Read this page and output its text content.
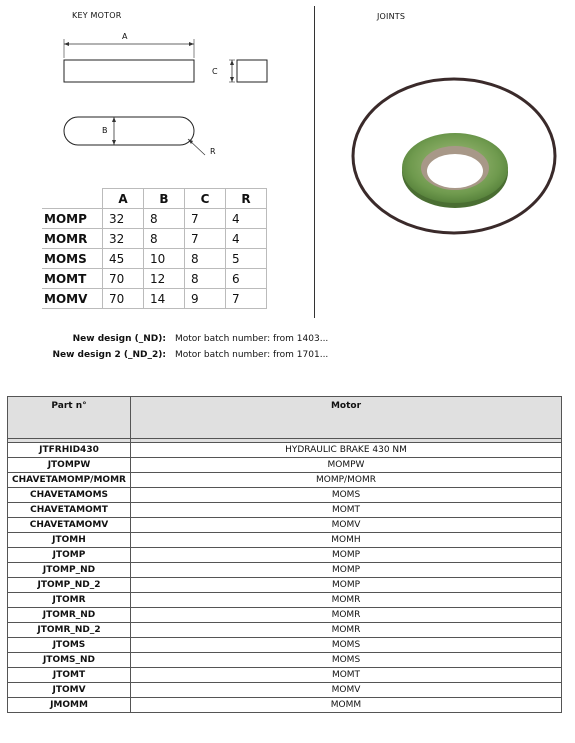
KEY MOTOR	JOINTS
A
C
B
R
	A	B	C	R
MOMP	32	8	7	4
MOMR	32	8	7	4
MOMS	45	10	8	5
MOMT	70	12	8	6
MOMV	70	14	9	7
New design (_ND): Motor batch number: from 1403...
New design 2 (_ND_2): Motor batch number: from 1701...
Part n°	Motor

JTFRHID430	HYDRAULIC BRAKE 430 NM
JTOMPW	MOMPW
CHAVETAMOMP/MOMR	MOMP/MOMR
CHAVETAMOMS	MOMS
CHAVETAMOMT	MOMT
CHAVETAMOMV	MOMV
JTOMH	MOMH
JTOMP	MOMP
JTOMP_ND	MOMP
JTOMP_ND_2	MOMP
JTOMR	MOMR
JTOMR_ND	MOMR
JTOMR_ND_2	MOMR
JTOMS	MOMS
JTOMS_ND	MOMS
JTOMT	MOMT
JTOMV	MOMV
JMOMM	MOMM
